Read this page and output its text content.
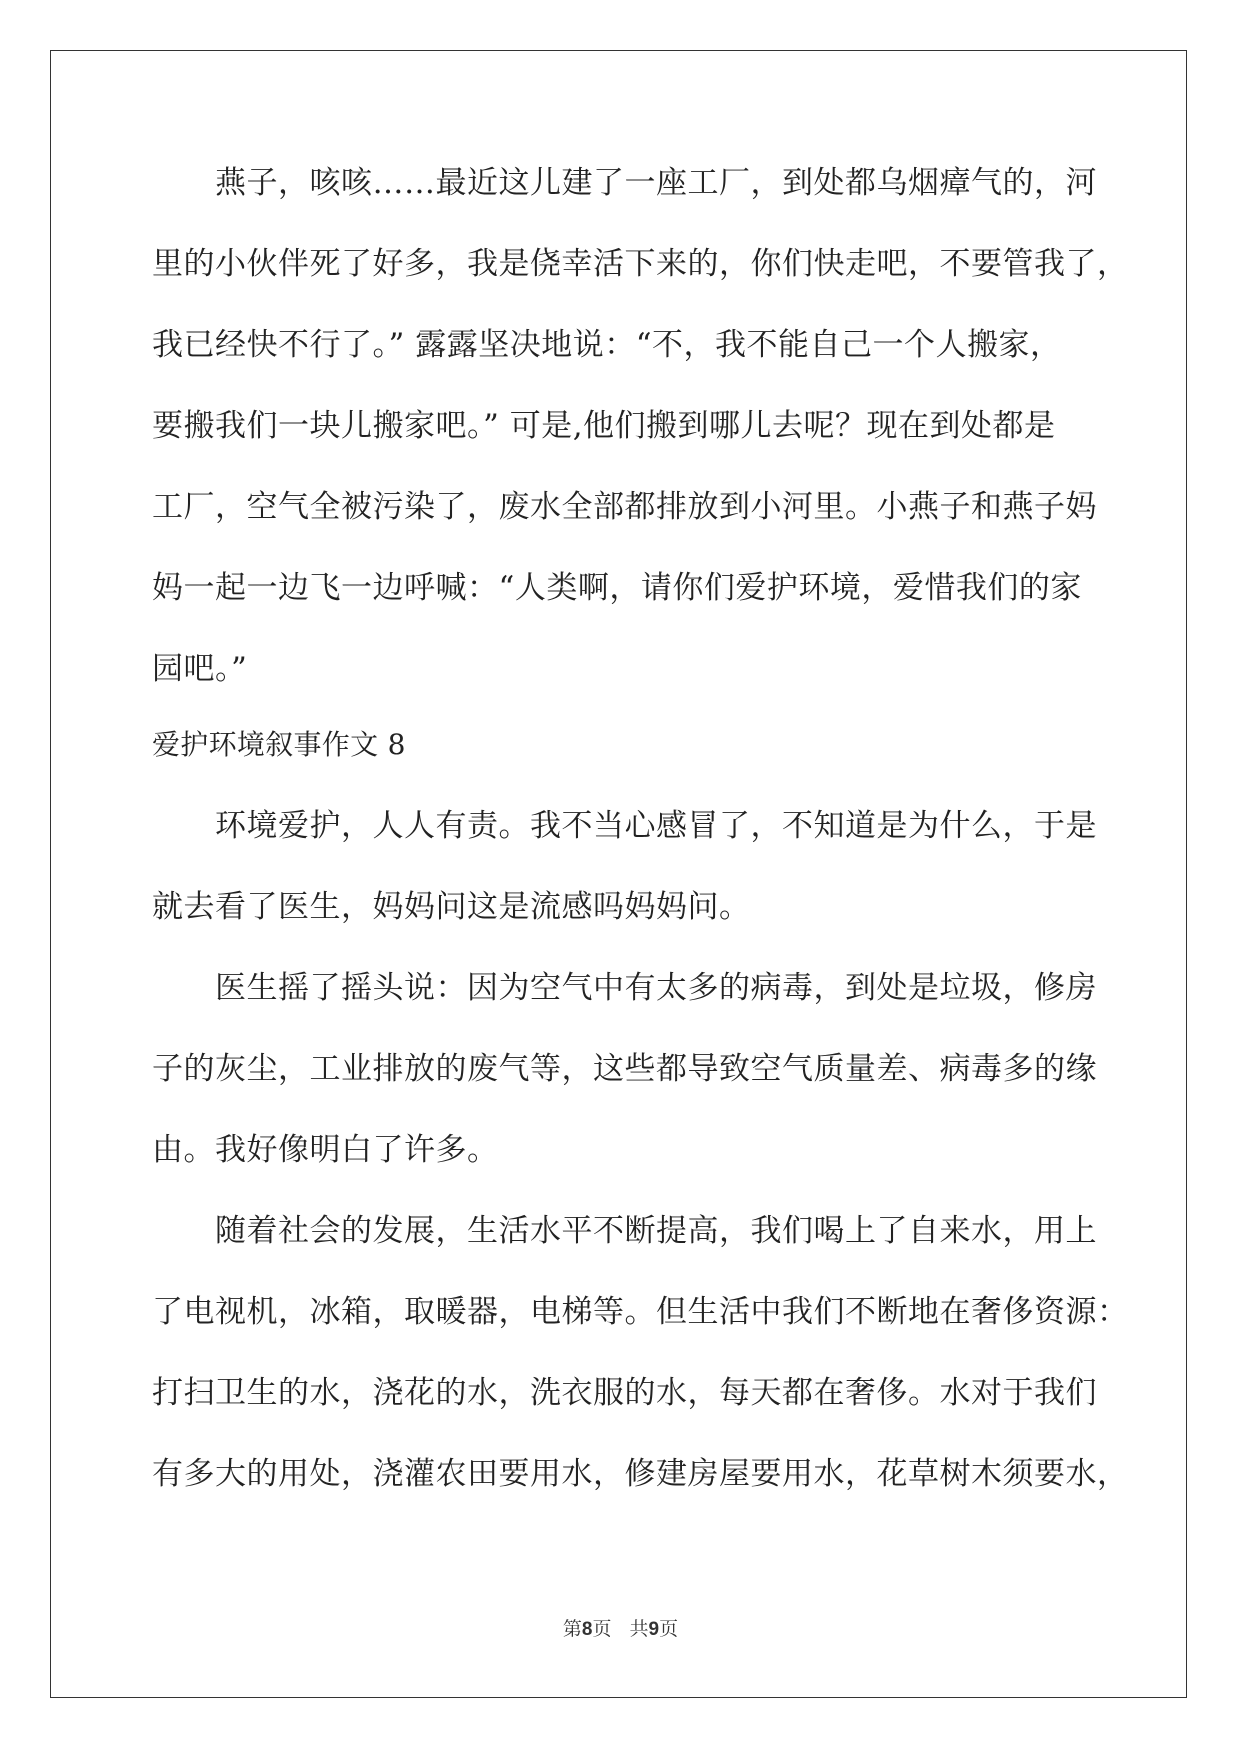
燕子，咳咳……最近这儿建了一座工厂，到处都乌烟瘴气的，河
里的小伙伴死了好多，我是侥幸活下来的，你们快走吧，不要管我了，
我已经快不行了。” 露露坚决地说：“不，我不能自己一个人搬家，
要搬我们一块儿搬家吧。” 可是,他们搬到哪儿去呢？现在到处都是
工厂，空气全被污染了，废水全部都排放到小河里。小燕子和燕子妈
妈一起一边飞一边呼喊：“人类啊，请你们爱护环境，爱惜我们的家
园吧。”
爱护环境叙事作文 8
环境爱护，人人有责。我不当心感冒了，不知道是为什么，于是
就去看了医生，妈妈问这是流感吗妈妈问。
医生摇了摇头说：因为空气中有太多的病毒，到处是垃圾，修房
子的灰尘，工业排放的废气等，这些都导致空气质量差、病毒多的缘
由。我好像明白了许多。
随着社会的发展，生活水平不断提高，我们喝上了自来水，用上
了电视机，冰箱，取暖器，电梯等。但生活中我们不断地在奢侈资源：
打扫卫生的水，浇花的水，洗衣服的水，每天都在奢侈。水对于我们
有多大的用处，浇灌农田要用水，修建房屋要用水，花草树木须要水，
第8页 共9页
